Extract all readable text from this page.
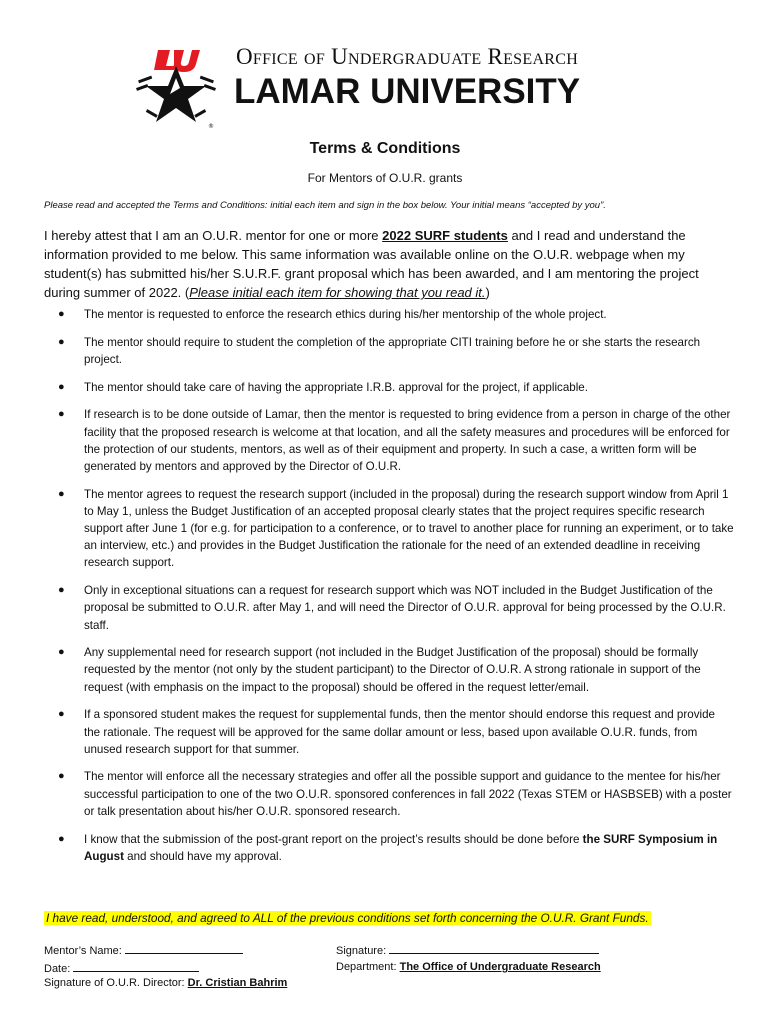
®
Office of Undergraduate Research
LAMAR UNIVERSITY
Terms & Conditions
For Mentors of O.U.R. grants
Please read and accepted the Terms and Conditions: initial each item and sign in the box below. Your initial means “accepted by you”.
I hereby attest that I am an O.U.R. mentor for one or more 2022 SURF students and I read and understand the information provided to me below. This same information was available online on the O.U.R. webpage when my student(s) has submitted his/her S.U.R.F. grant proposal which has been awarded, and I am mentoring the project during summer of 2022. (Please initial each item for showing that you read it.)
● The mentor is requested to enforce the research ethics during his/her mentorship of the whole project.
● The mentor should require to student the completion of the appropriate CITI training before he or she starts the research project.
● The mentor should take care of having the appropriate I.R.B. approval for the project, if applicable.
● If research is to be done outside of Lamar, then the mentor is requested to bring evidence from a person in charge of the other facility that the proposed research is welcome at that location, and all the safety measures and procedures will be enforced for the protection of our students, mentors, as well as of their equipment and property. In such a case, a written form will be generated by mentors and approved by the Director of O.U.R.
● The mentor agrees to request the research support (included in the proposal) during the research support window from April 1 to May 1, unless the Budget Justification of an accepted proposal clearly states that the project requires specific research support after June 1 (for e.g. for participation to a conference, or to travel to another place for running an experiment, or to take an interview, etc.) and provides in the Budget Justification the rationale for the need of an extended deadline in receiving research support.
● Only in exceptional situations can a request for research support which was NOT included in the Budget Justification of the proposal be submitted to O.U.R. after May 1, and will need the Director of O.U.R. approval for being processed by the O.U.R. staff.
● Any supplemental need for research support (not included in the Budget Justification of the proposal) should be formally requested by the mentor (not only by the student participant) to the Director of O.U.R. A strong rationale in support of the request (with emphasis on the impact to the proposal) should be offered in the request letter/email.
● If a sponsored student makes the request for supplemental funds, then the mentor should endorse this request and provide the rationale. The request will be approved for the same dollar amount or less, based upon available O.U.R. funds, from unused research support for that summer.
● The mentor will enforce all the necessary strategies and offer all the possible support and guidance to the mentee for his/her successful participation to one of the two O.U.R. sponsored conferences in fall 2022 (Texas STEM or HASBSEB) with a poster or talk presentation about his/her O.U.R. sponsored research.
● I know that the submission of the post-grant report on the project’s results should be done before the SURF Symposium in August and should have my approval.
I have read, understood, and agreed to ALL of the previous conditions set forth concerning the O.U.R. Grant Funds.
Mentor’s Name:
Date:
Signature of O.U.R. Director: Dr. Cristian Bahrim
Signature:
Department: The Office of Undergraduate Research
